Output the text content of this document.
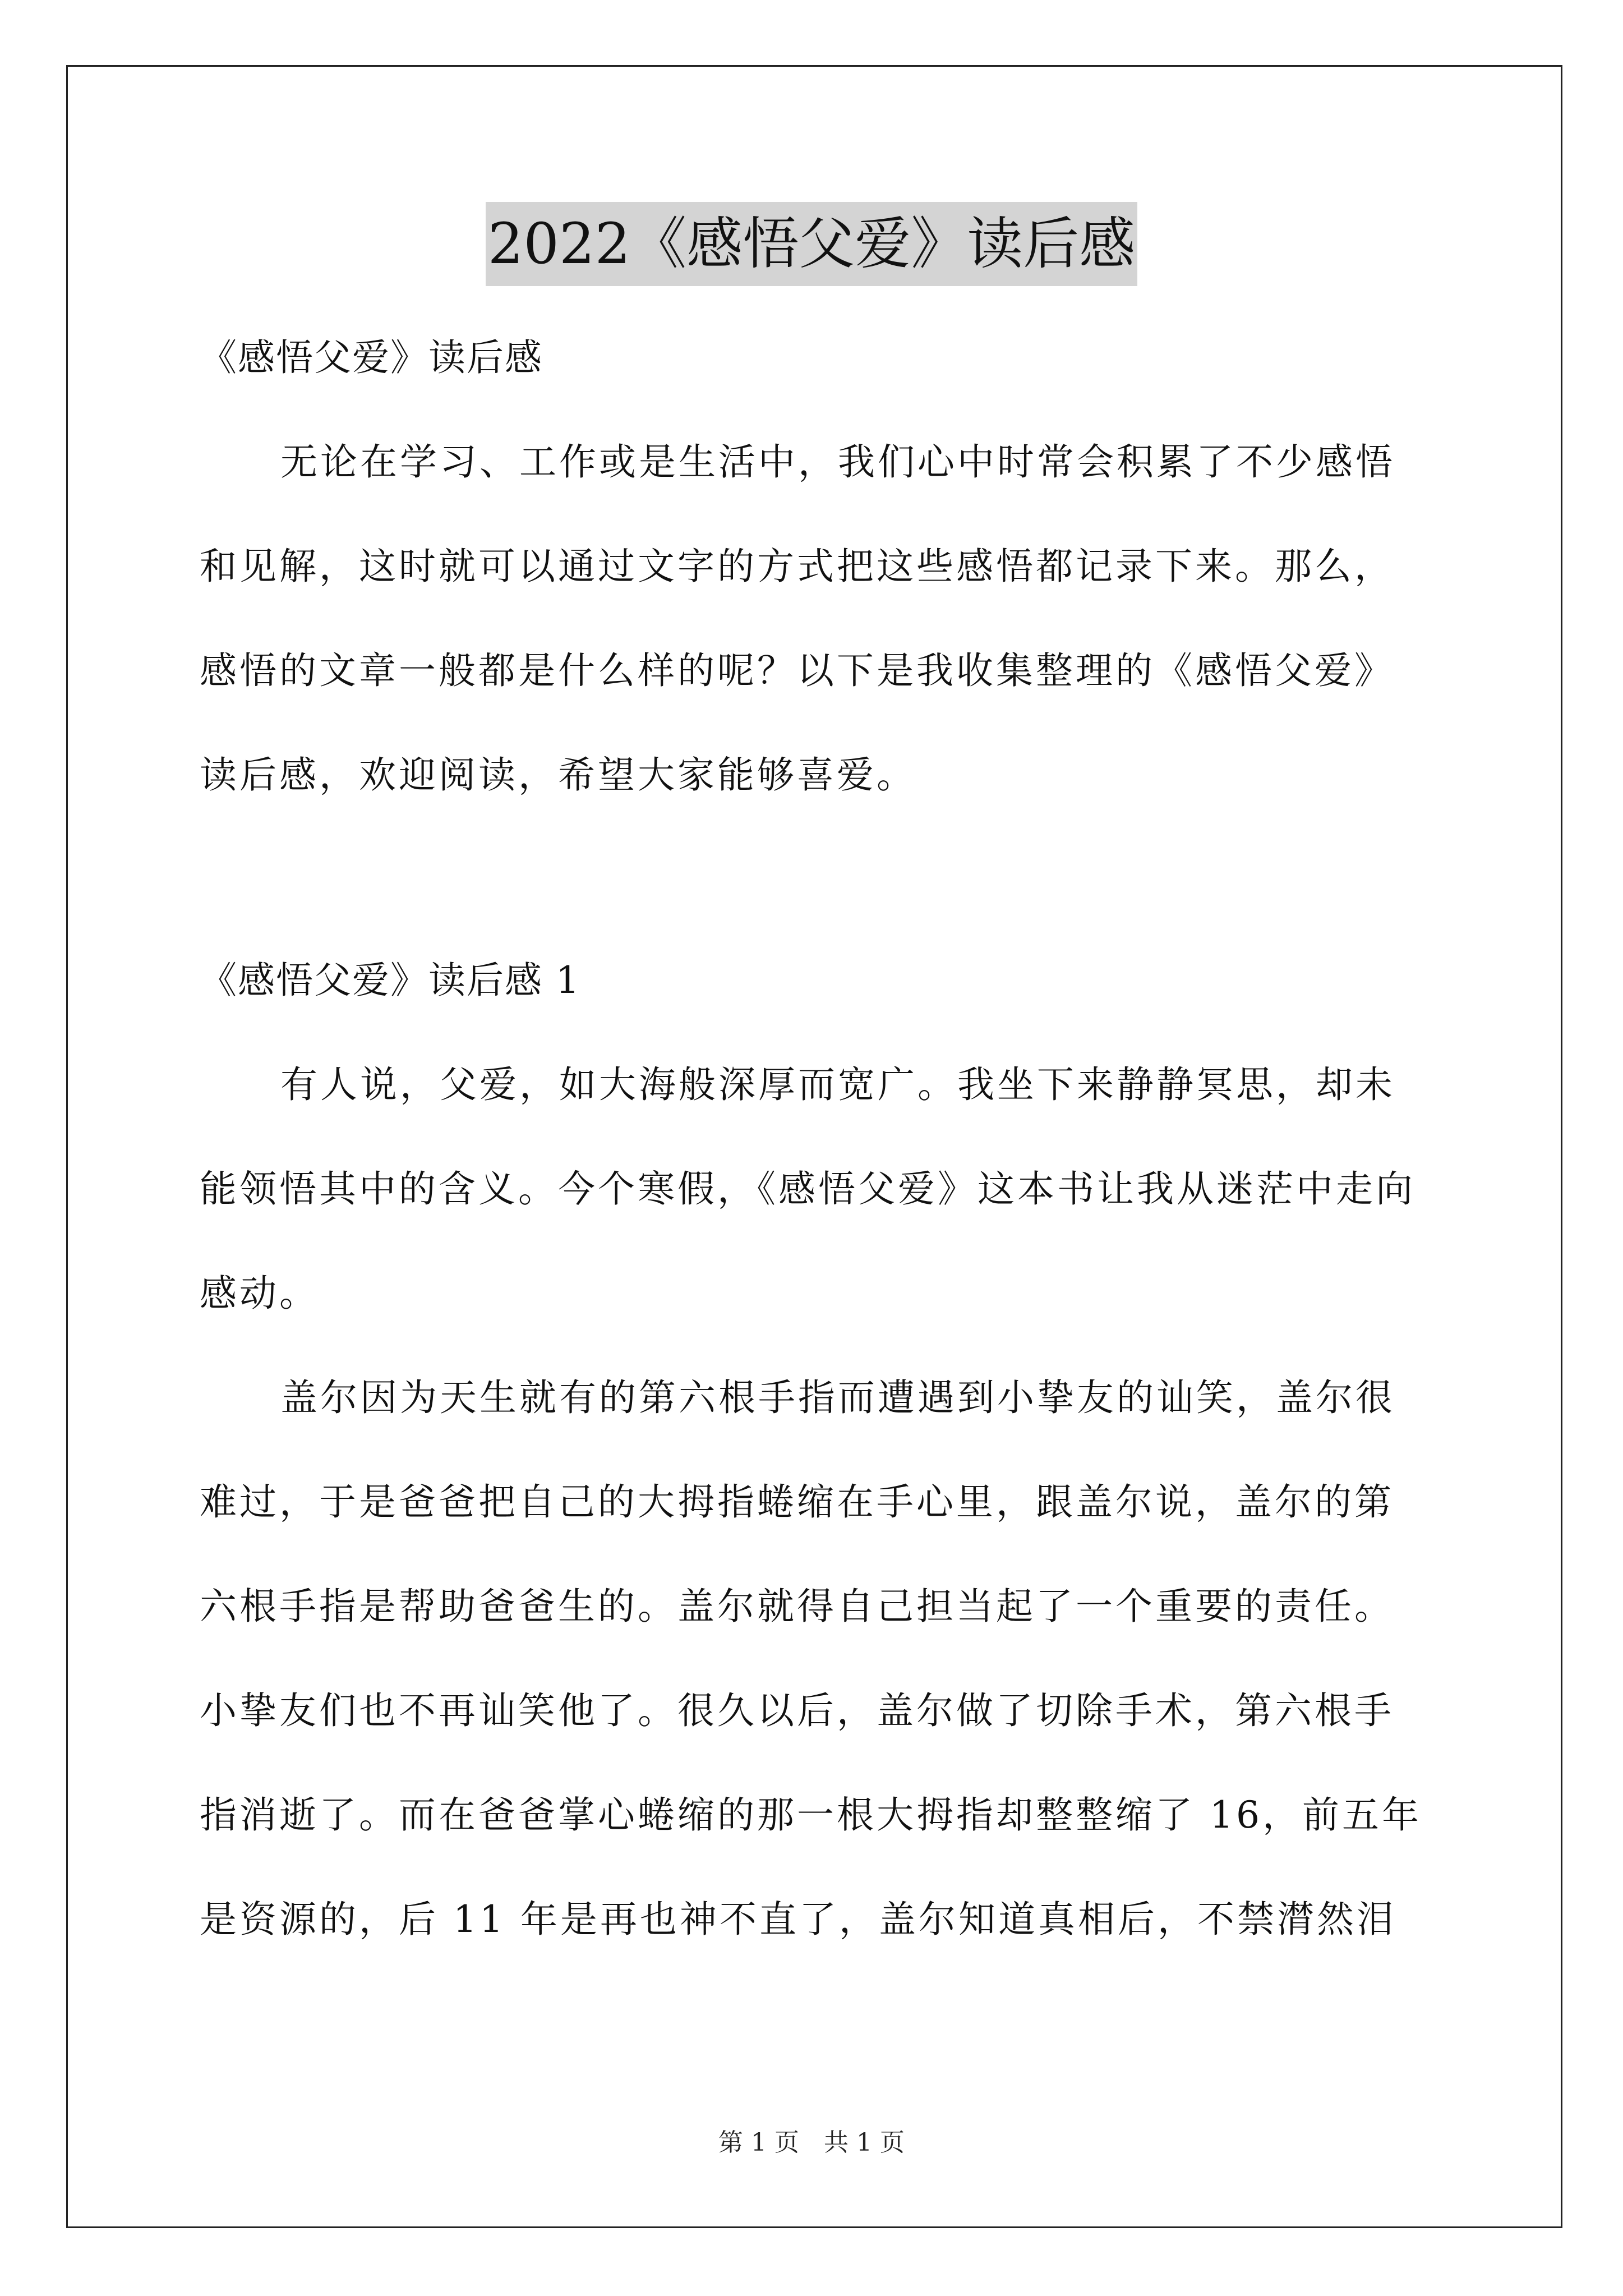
2022《感悟父爱》读后感
《感悟父爱》读后感
无论在学习、工作或是生活中，我们心中时常会积累了不少感悟
和见解，这时就可以通过文字的方式把这些感悟都记录下来。那么，
感悟的文章一般都是什么样的呢？以下是我收集整理的《感悟父爱》
读后感，欢迎阅读，希望大家能够喜爱。
《感悟父爱》读后感 1
有人说，父爱，如大海般深厚而宽广。我坐下来静静冥思，却未
能领悟其中的含义。今个寒假，《感悟父爱》这本书让我从迷茫中走向
感动。
盖尔因为天生就有的第六根手指而遭遇到小挚友的讪笑，盖尔很
难过，于是爸爸把自己的大拇指蜷缩在手心里，跟盖尔说，盖尔的第
六根手指是帮助爸爸生的。盖尔就得自己担当起了一个重要的责任。
小挚友们也不再讪笑他了。很久以后，盖尔做了切除手术，第六根手
指消逝了。而在爸爸掌心蜷缩的那一根大拇指却整整缩了 16，前五年
是资源的，后 11 年是再也神不直了，盖尔知道真相后，不禁潸然泪
第 1 页　共 1 页
